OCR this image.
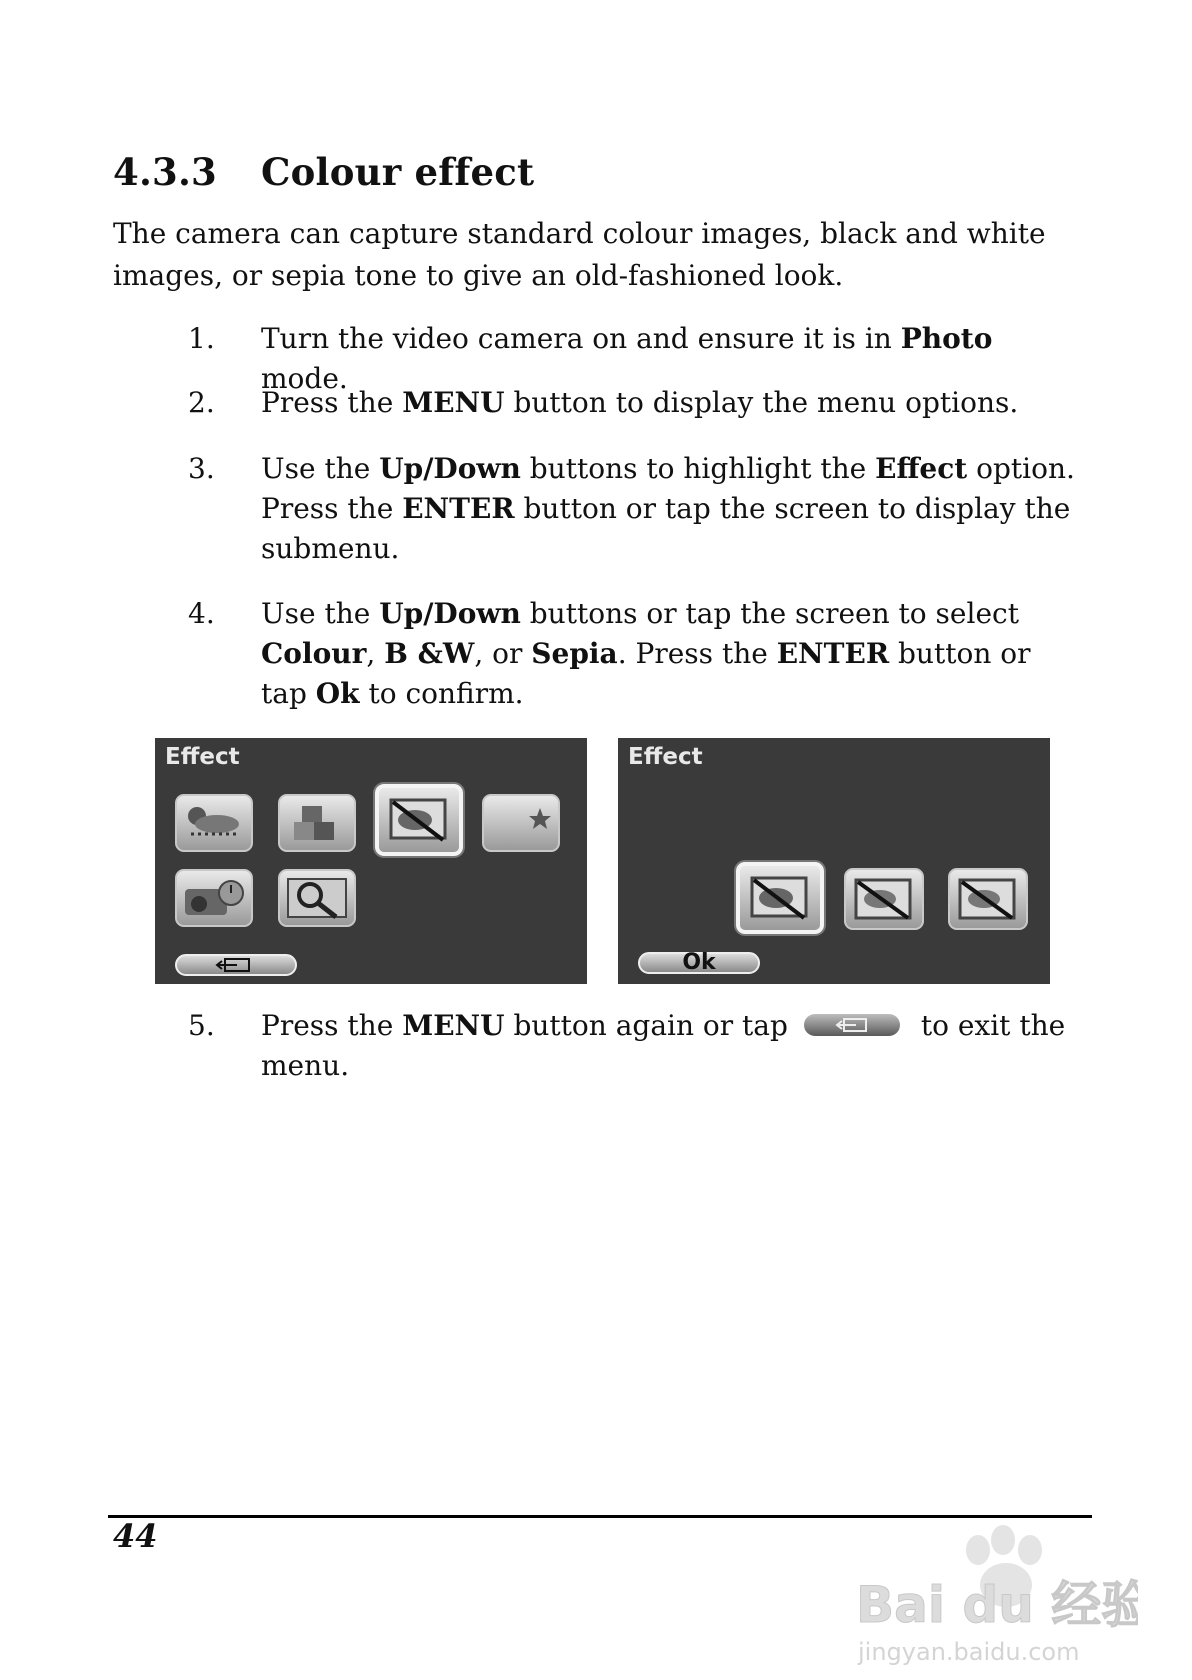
4.3.3 Colour effect
The camera can capture standard colour images, black and white images, or sepia tone to give an old-fashioned look.
1.	Turn the video camera on and ensure it is in Photo mode.
2.	Press the MENU button to display the menu options.
3.	Use the Up/Down buttons to highlight the Effect option. Press the ENTER button or tap the screen to display the submenu.
4.	Use the Up/Down buttons or tap the screen to select Colour, B &W, or Sepia. Press the ENTER button or tap Ok to confirm.
Effect	Effect
Ok
5.	Press the MENU button again or tap	to exit the menu.
44
Bai du 经验
jingyan.baidu.com
